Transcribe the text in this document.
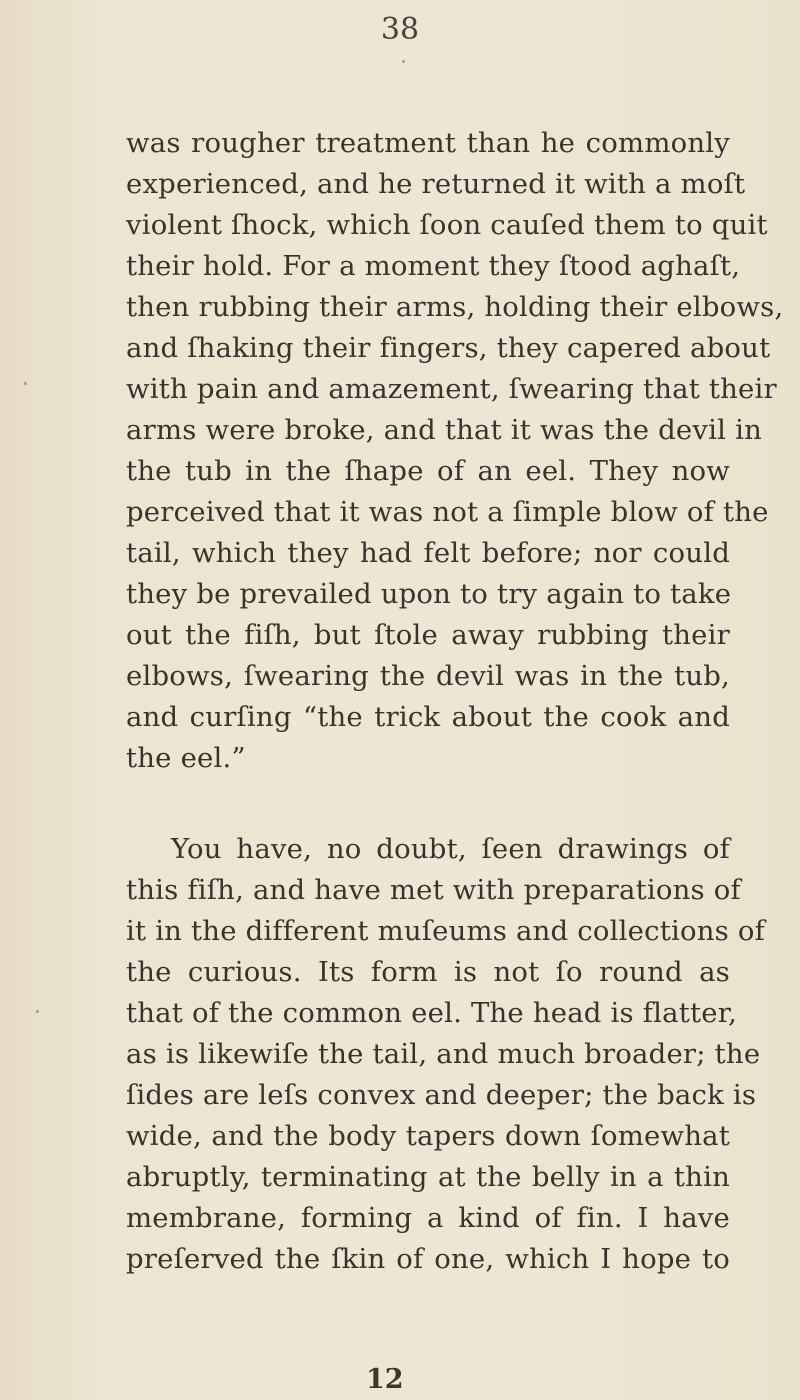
38
was rougher treatment than he commonly
experienced, and he returned it with a moſt
violent ſhock, which ſoon cauſed them to quit
their hold. For a moment they ſtood aghaſt,
then rubbing their arms, holding their elbows,
and ſhaking their fingers, they capered about
with pain and amazement, ſwearing that their
arms were broke, and that it was the devil in
the tub in the ſhape of an eel. They now
perceived that it was not a ſimple blow of the
tail, which they had felt before; nor could
they be prevailed upon to try again to take
out the fiſh, but ſtole away rubbing their
elbows, ſwearing the devil was in the tub,
and curſing “the trick about the cook and
the eel.”
You have, no doubt, ſeen drawings of
this fiſh, and have met with preparations of
it in the different muſeums and collections of
the curious. Its form is not ſo round as
that of the common eel. The head is flatter,
as is likewiſe the tail, and much broader; the
ſides are leſs convex and deeper; the back is
wide, and the body tapers down ſomewhat
abruptly, terminating at the belly in a thin
membrane, forming a kind of fin. I have
preſerved the ſkin of one, which I hope to
12
